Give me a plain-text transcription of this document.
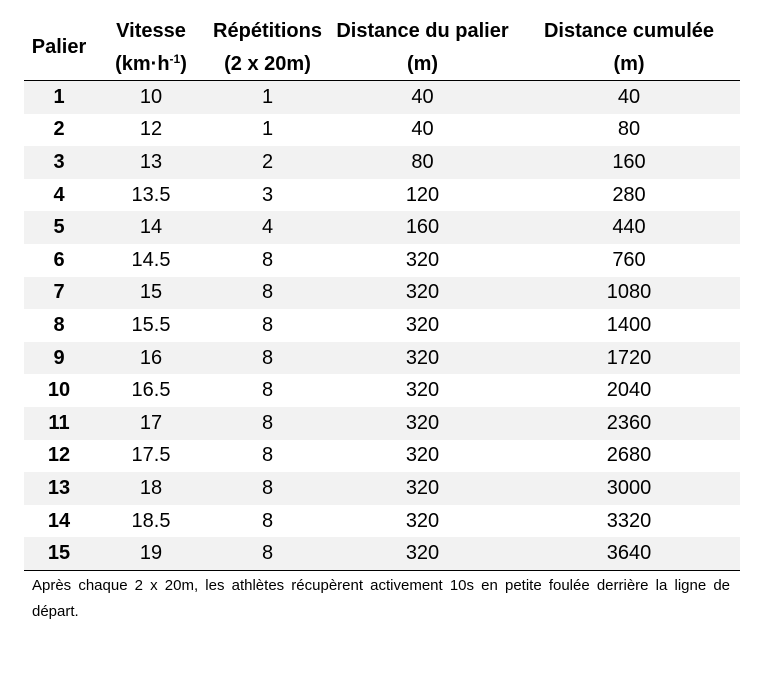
Palier	Vitesse	Répétitions	Distance du palier	Distance cumulée
	$(km\cdot h^{-1})$	(2 x 20m)	(m)	(m)
1	10	1	40	40
2	12	1	40	80
3	13	2	80	160
4	13.5	3	120	280
5	14	4	160	440
6	14.5	8	320	760
7	15	8	320	1080
8	15.5	8	320	1400
9	16	8	320	1720
10	16.5	8	320	2040
11	17	8	320	2360
12	17.5	8	320	2680
13	18	8	320	3000
14	18.5	8	320	3320
15	19	8	320	3640

Après chaque 2 x 20m, les athlètes récupèrent activement 10s en petite foulée derrière la ligne de départ.
